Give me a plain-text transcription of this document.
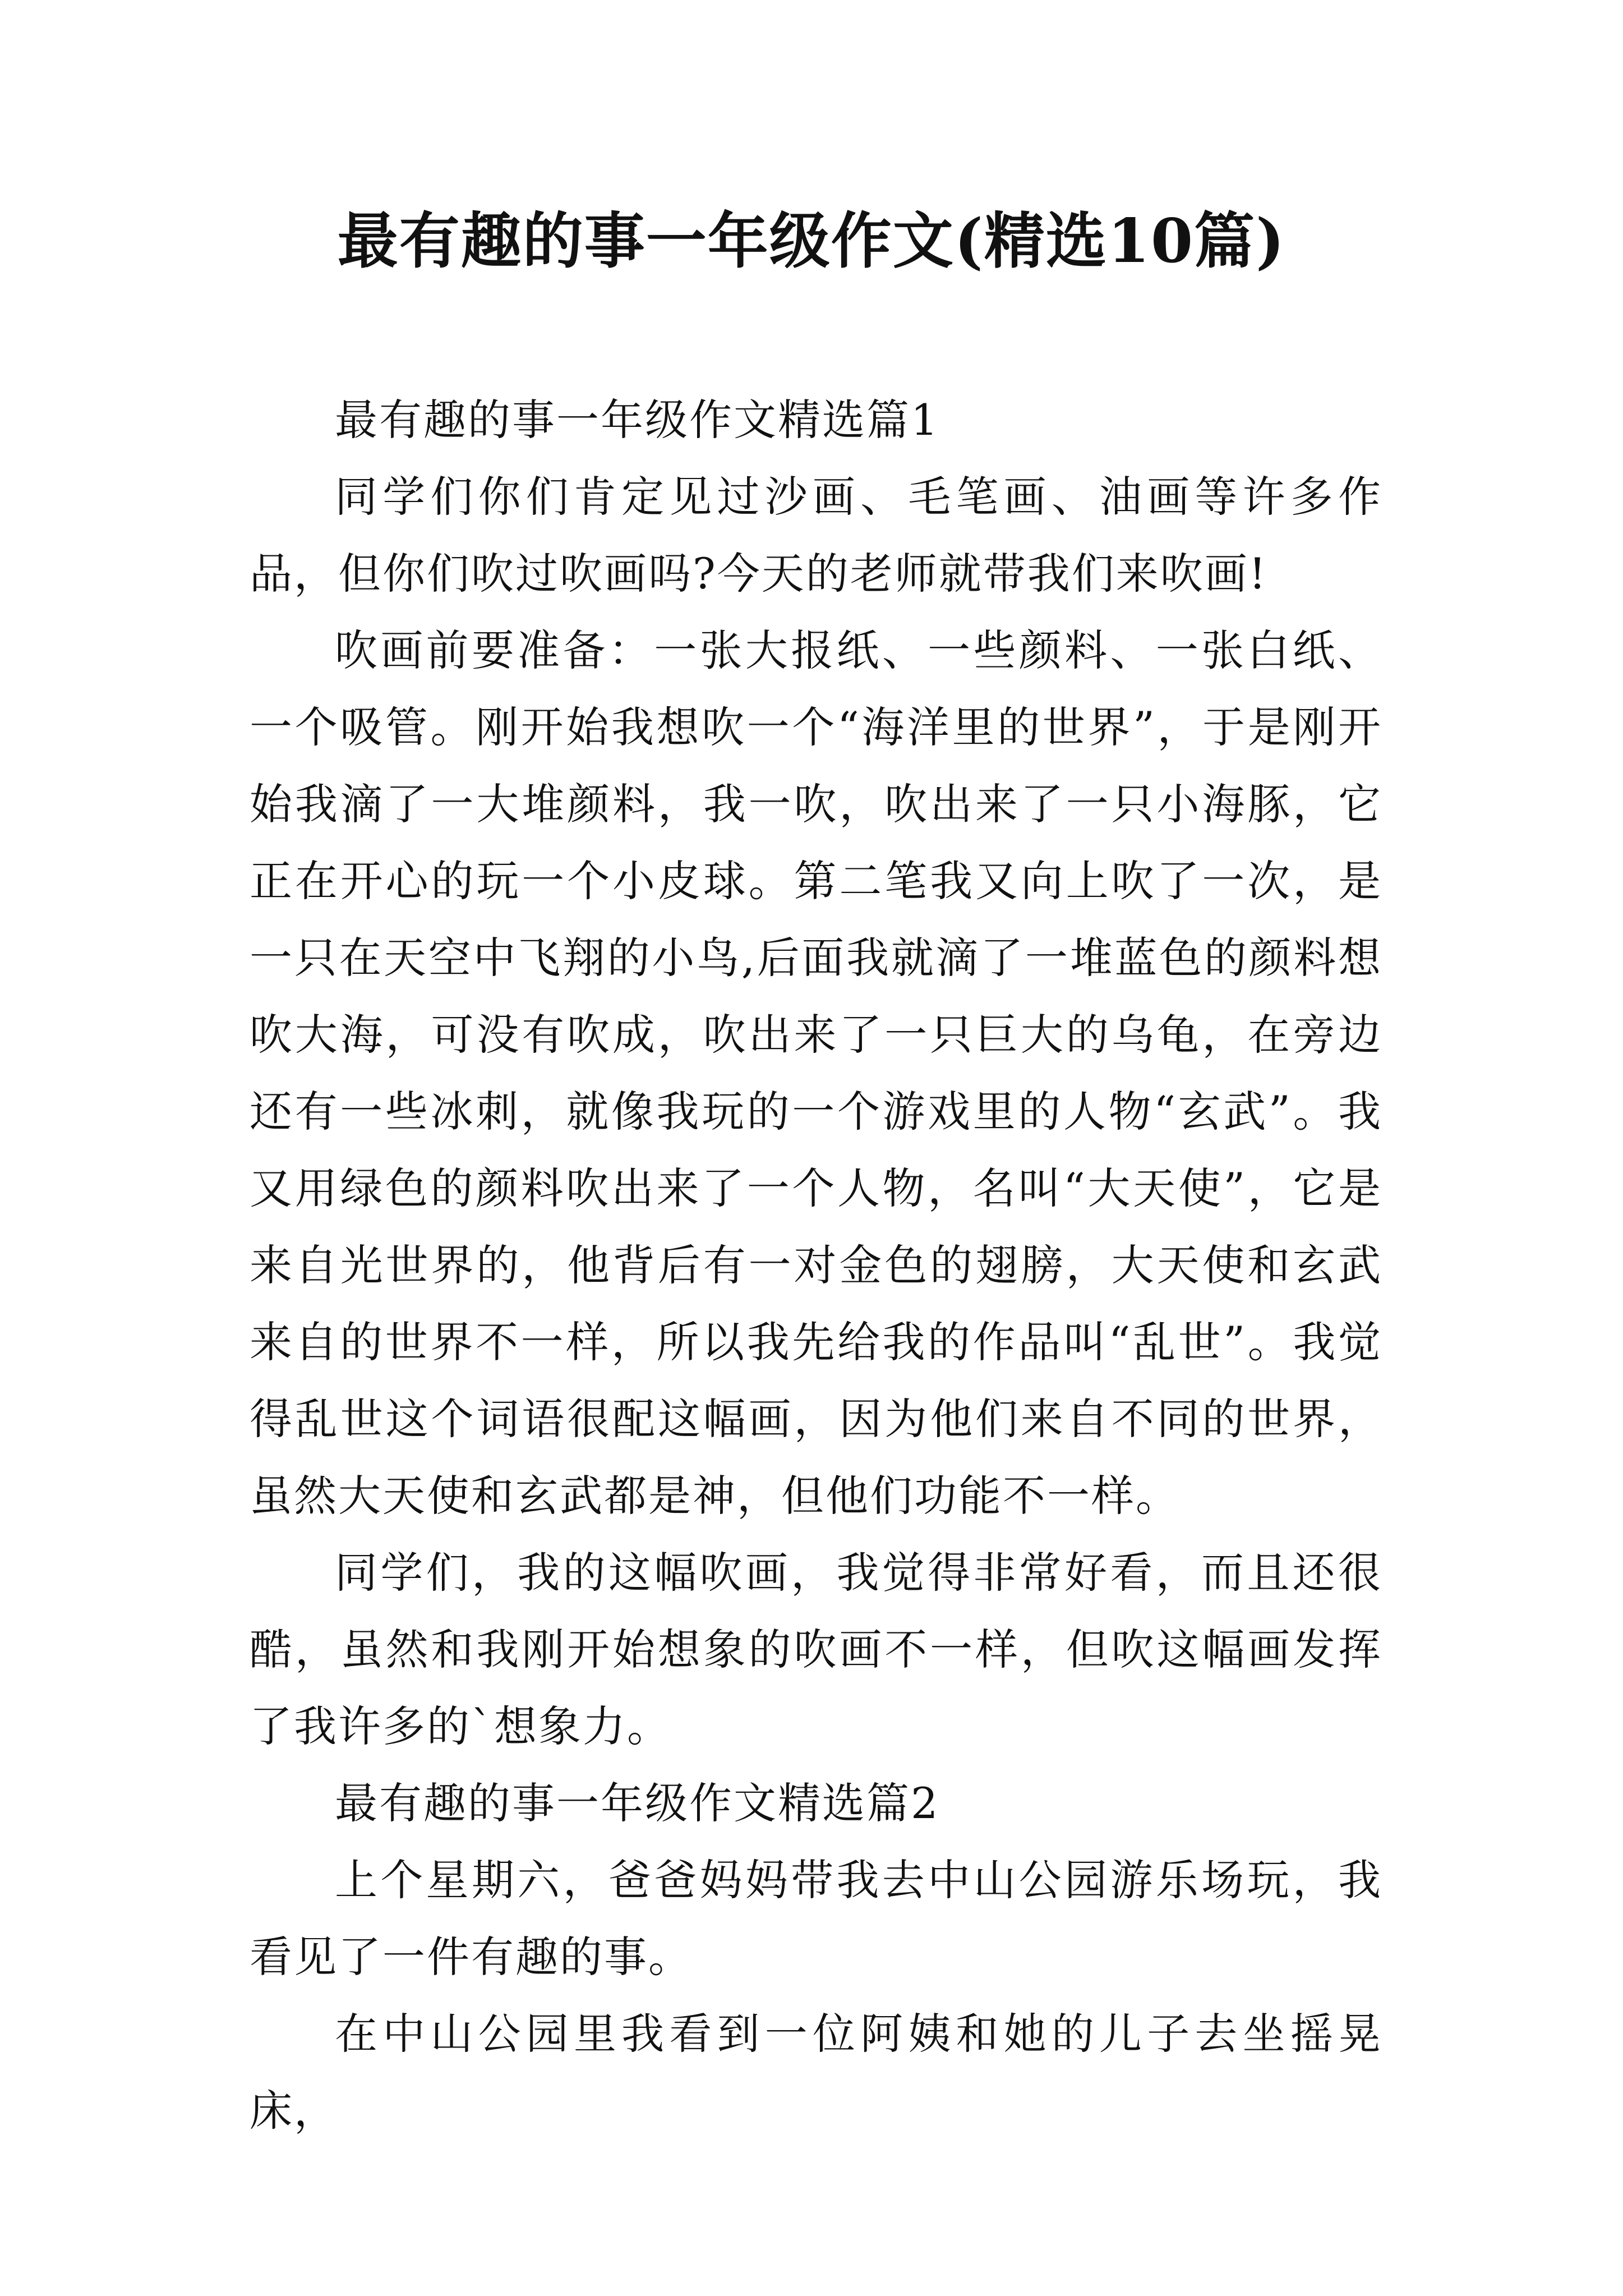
最有趣的事一年级作文(精选10篇)

最有趣的事一年级作文精选篇1

同学们你们肯定见过沙画、毛笔画、油画等许多作品，但你们吹过吹画吗?今天的老师就带我们来吹画!

吹画前要准备：一张大报纸、一些颜料、一张白纸、一个吸管。刚开始我想吹一个“海洋里的世界”，于是刚开始我滴了一大堆颜料，我一吹，吹出来了一只小海豚，它正在开心的玩一个小皮球。第二笔我又向上吹了一次，是一只在天空中飞翔的小鸟,后面我就滴了一堆蓝色的颜料想吹大海，可没有吹成，吹出来了一只巨大的乌龟，在旁边还有一些冰刺，就像我玩的一个游戏里的人物“玄武”。我又用绿色的颜料吹出来了一个人物，名叫“大天使”，它是来自光世界的，他背后有一对金色的翅膀，大天使和玄武来自的世界不一样，所以我先给我的作品叫“乱世”。我觉得乱世这个词语很配这幅画，因为他们来自不同的世界，虽然大天使和玄武都是神，但他们功能不一样。

同学们，我的这幅吹画，我觉得非常好看，而且还很酷，虽然和我刚开始想象的吹画不一样，但吹这幅画发挥了我许多的`想象力。

最有趣的事一年级作文精选篇2

上个星期六，爸爸妈妈带我去中山公园游乐场玩，我看见了一件有趣的事。

在中山公园里我看到一位阿姨和她的儿子去坐摇晃床，
